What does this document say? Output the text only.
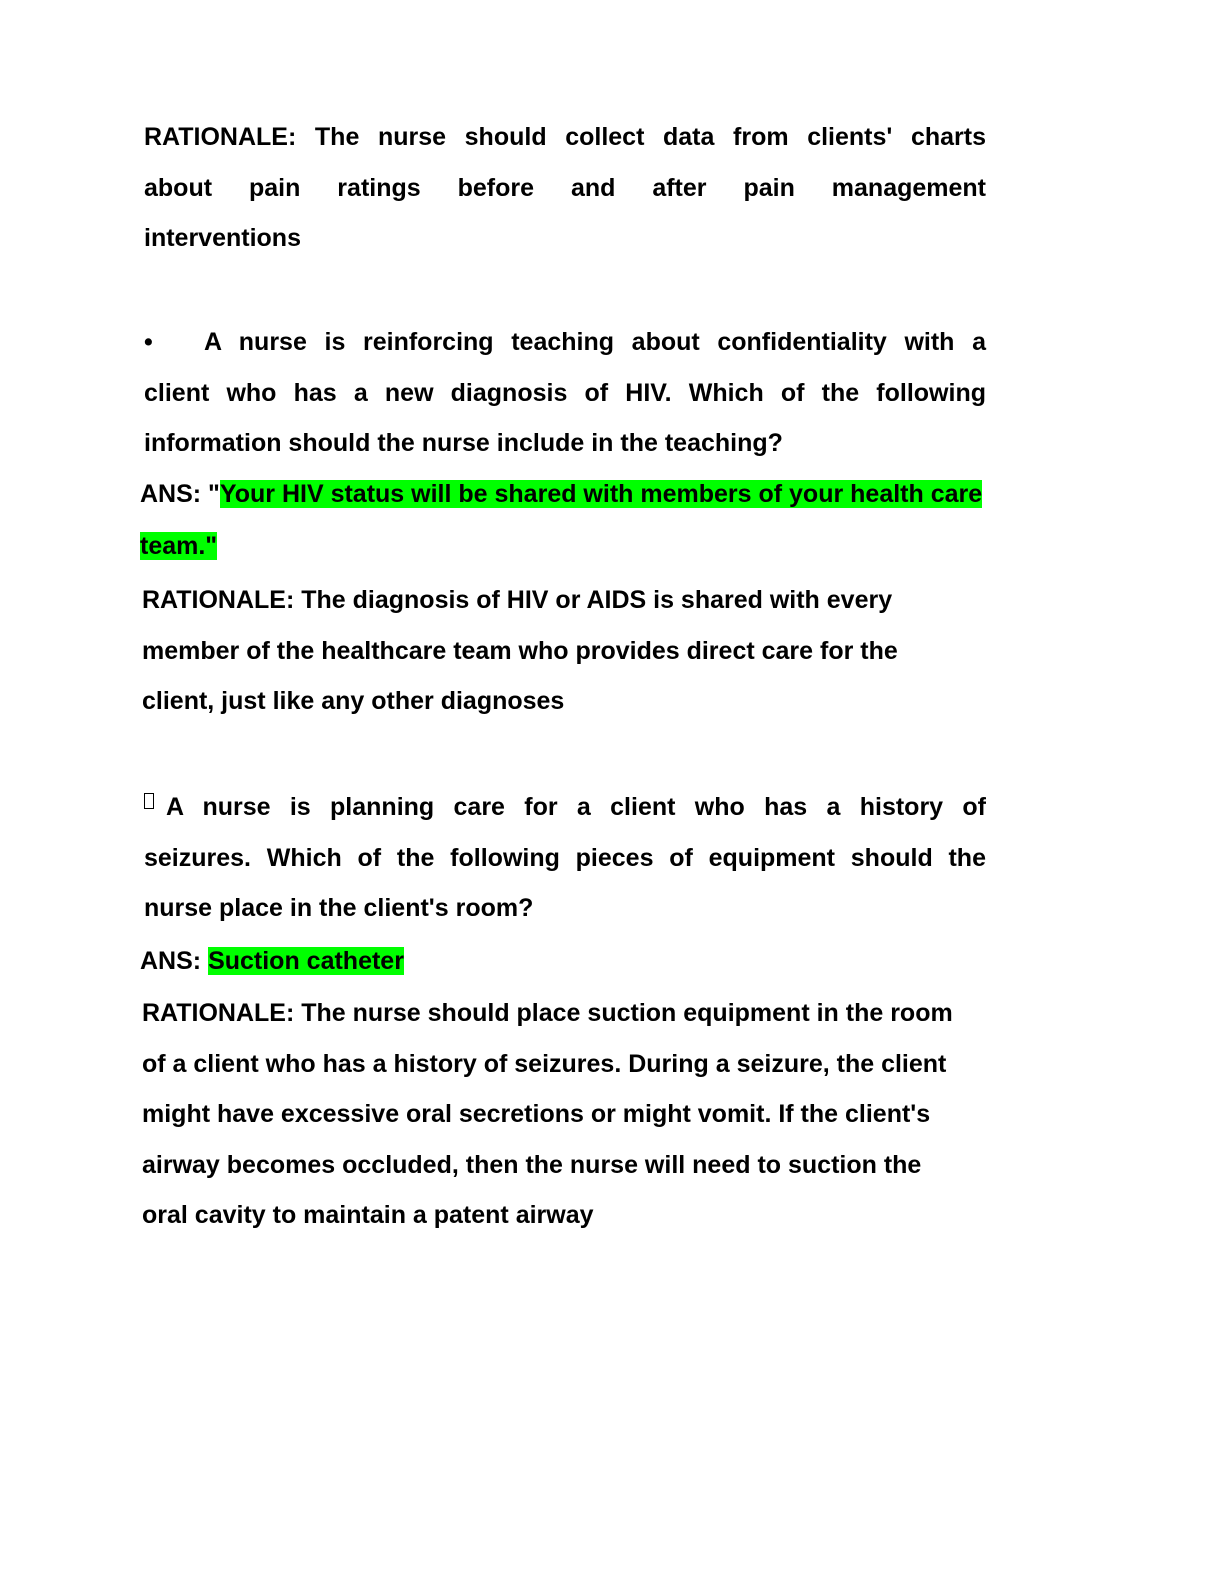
RATIONALE: The nurse should collect data from clients' charts
about pain ratings before and after pain management
interventions
• A nurse is reinforcing teaching about confidentiality with a
client who has a new diagnosis of HIV. Which of the following
information should the nurse include in the teaching?
ANS: "Your HIV status will be shared with members of your health care
team."
RATIONALE: The diagnosis of HIV or AIDS is shared with every
member of the healthcare team who provides direct care for the
client, just like any other diagnoses
A nurse is planning care for a client who has a history of
seizures. Which of the following pieces of equipment should the
nurse place in the client's room?
ANS: Suction catheter
RATIONALE: The nurse should place suction equipment in the room
of a client who has a history of seizures. During a seizure, the client
might have excessive oral secretions or might vomit. If the client's
airway becomes occluded, then the nurse will need to suction the
oral cavity to maintain a patent airway
